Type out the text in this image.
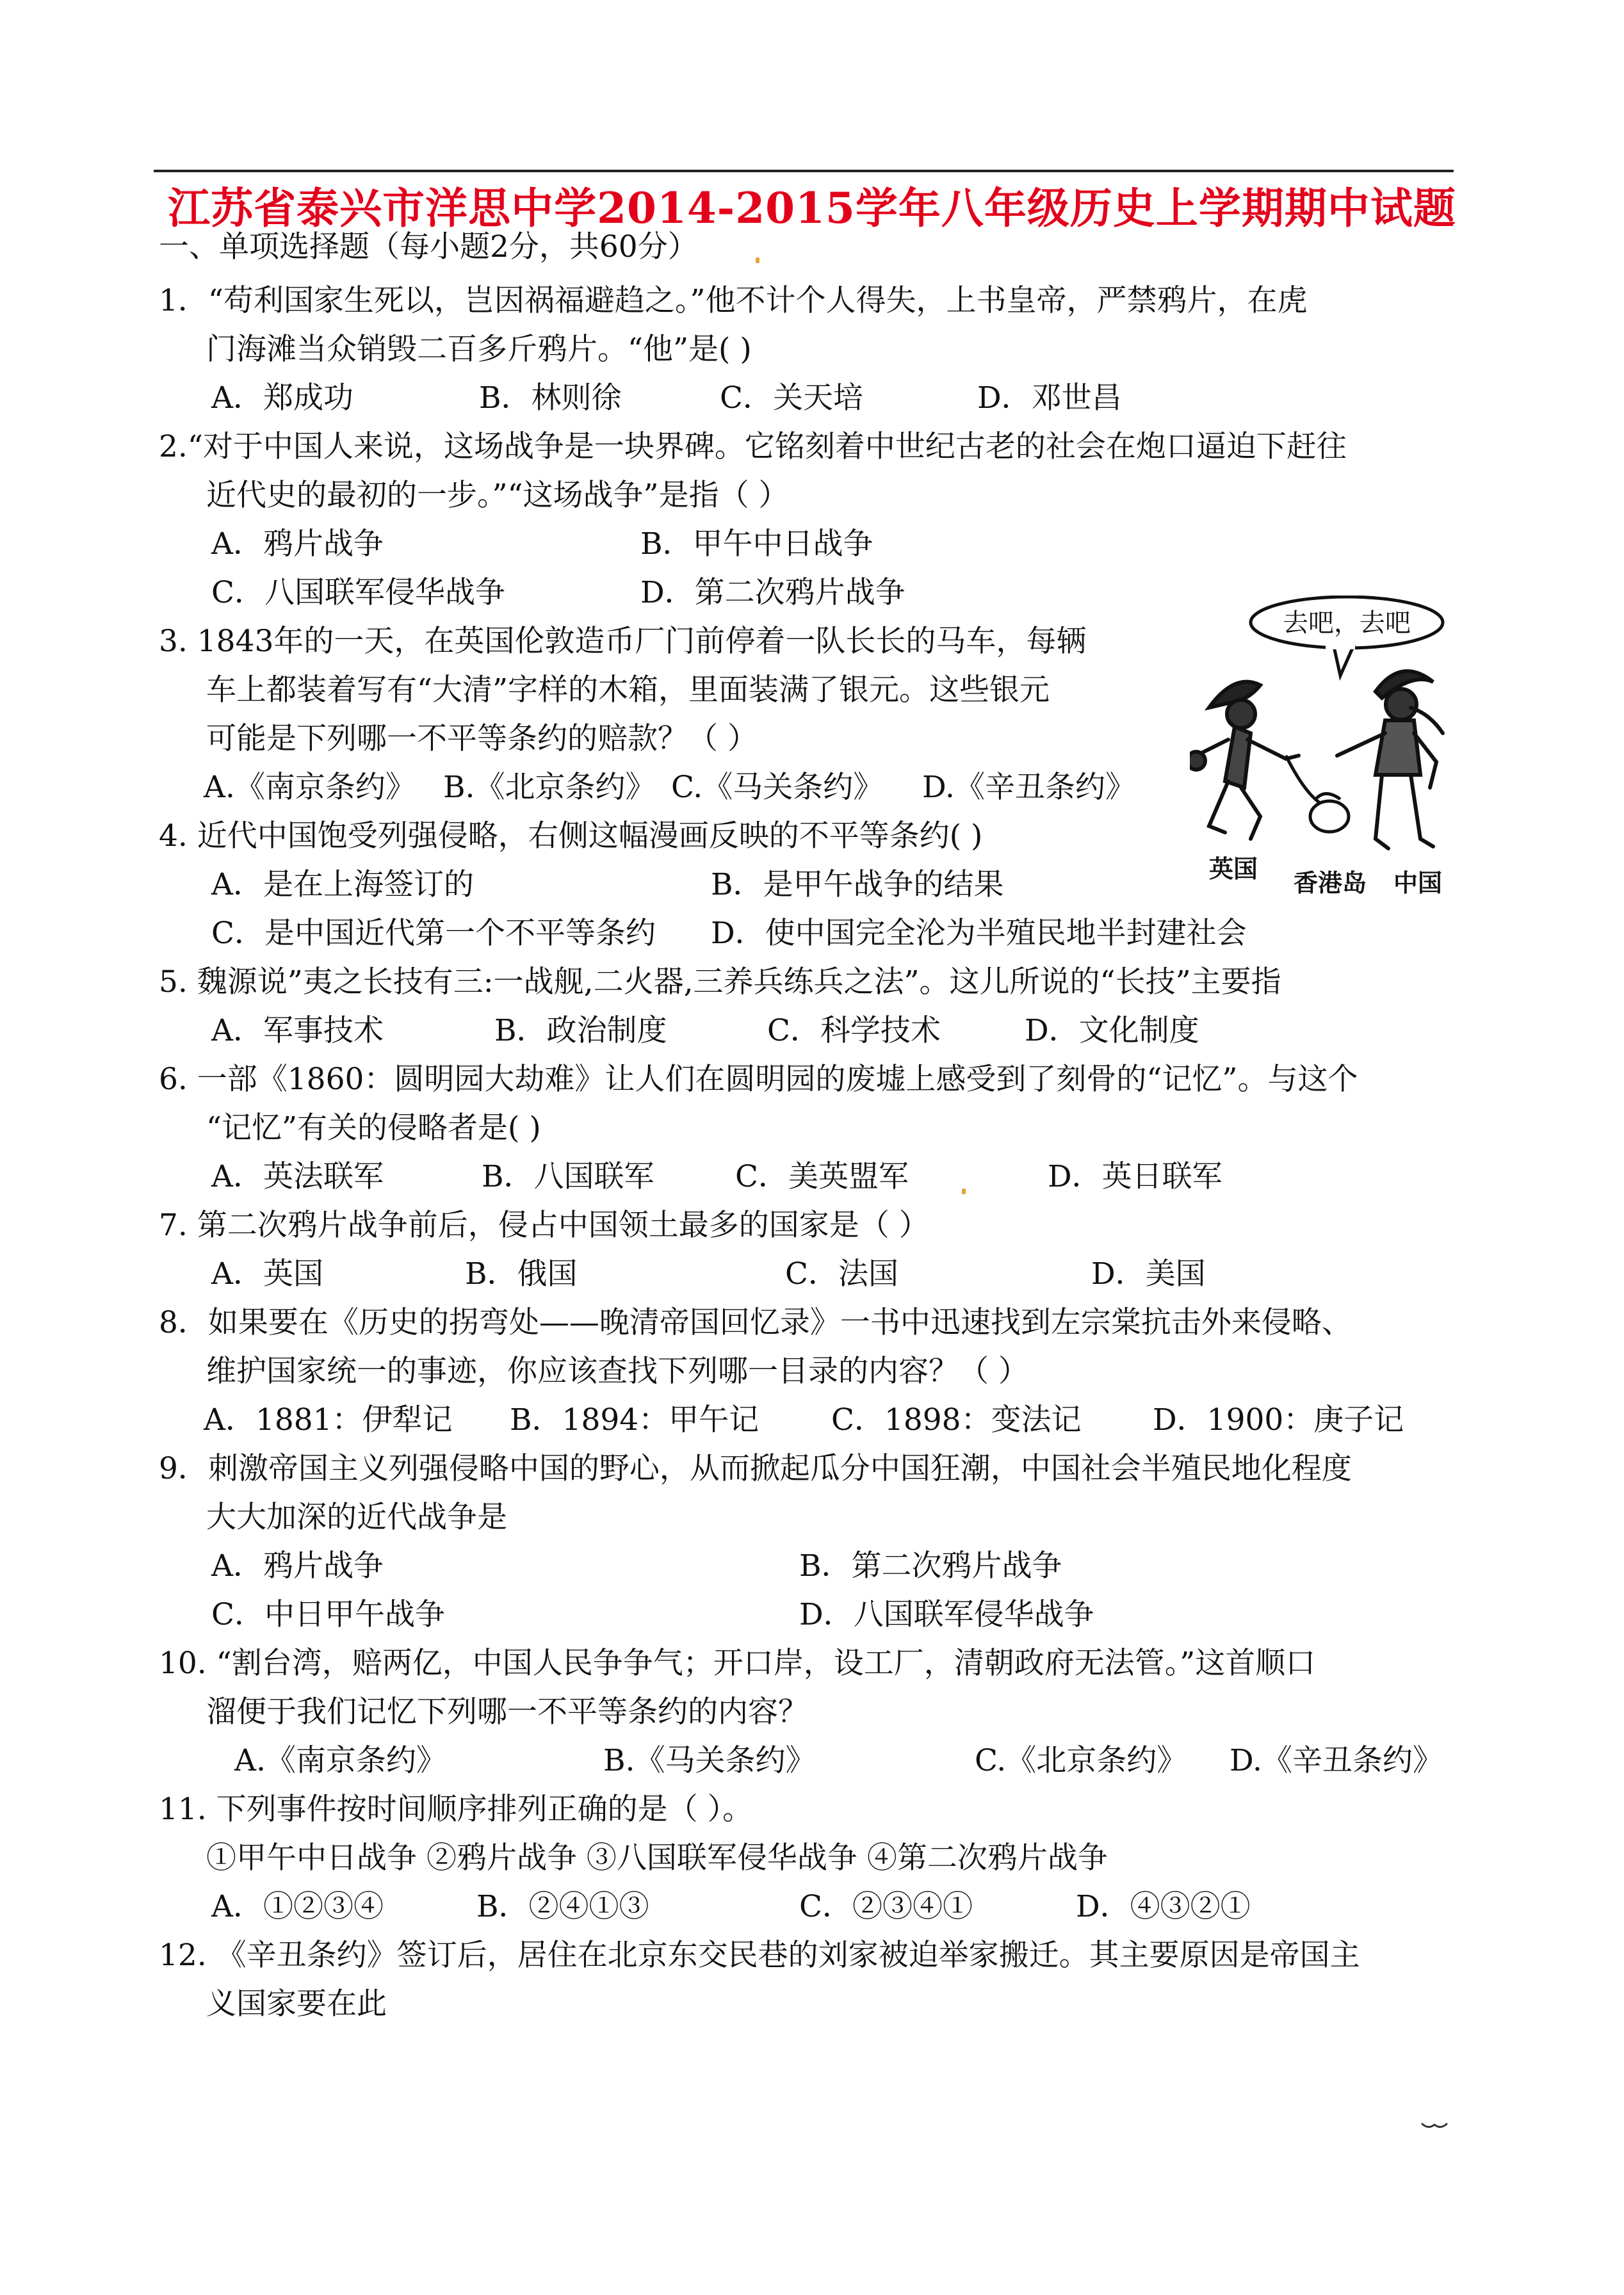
江苏省泰兴市洋思中学2014-2015学年八年级历史上学期期中试题
一、单项选择题（每小题2分，共60分）
1．“苟利国家生死以，岂因祸福避趋之。”他不计个人得失，上书皇帝，严禁鸦片，在虎
门海滩当众销毁二百多斤鸦片。“他”是( )
A．郑成功	B．林则徐	C．关天培	D．邓世昌
2.“对于中国人来说，这场战争是一块界碑。它铭刻着中世纪古老的社会在炮口逼迫下赶往
近代史的最初的一步。”“这场战争”是指（ ）
A．鸦片战争	B．甲午中日战争
C．八国联军侵华战争	D．第二次鸦片战争
3. 1843年的一天，在英国伦敦造币厂门前停着一队长长的马车，每辆
车上都装着写有“大清”字样的木箱，里面装满了银元。这些银元
可能是下列哪一不平等条约的赔款？（ ）
A.《南京条约》 B.《北京条约》 C.《马关条约》 D.《辛丑条约》
去吧，去吧
英国 香港岛 中国
4. 近代中国饱受列强侵略，右侧这幅漫画反映的不平等条约( )
A．是在上海签订的	B．是甲午战争的结果
C．是中国近代第一个不平等条约 D．使中国完全沦为半殖民地半封建社会
5. 魏源说”夷之长技有三:一战舰,二火器,三养兵练兵之法”。这儿所说的“长技”主要指
A．军事技术	B．政治制度	C．科学技术	D．文化制度
6. 一部《1860：圆明园大劫难》让人们在圆明园的废墟上感受到了刻骨的“记忆”。与这个
“记忆”有关的侵略者是( )
A．英法联军	B．八国联军	C．美英盟军	D．英日联军
7. 第二次鸦片战争前后，侵占中国领土最多的国家是（ ）
A．英国	B．俄国	C．法国	D．美国
8．如果要在《历史的拐弯处——晚清帝国回忆录》一书中迅速找到左宗棠抗击外来侵略、
维护国家统一的事迹，你应该查找下列哪一目录的内容？（ ）
A．1881：伊犁记 B．1894：甲午记 C．1898：变法记 D．1900：庚子记
9．刺激帝国主义列强侵略中国的野心，从而掀起瓜分中国狂潮，中国社会半殖民地化程度
大大加深的近代战争是
A．鸦片战争	B．第二次鸦片战争
C．中日甲午战争	D．八国联军侵华战争
10. “割台湾，赔两亿，中国人民争争气；开口岸，设工厂，清朝政府无法管。”这首顺口
溜便于我们记忆下列哪一不平等条约的内容？
A.《南京条约》	B.《马关条约》	C.《北京条约》 D.《辛丑条约》
11. 下列事件按时间顺序排列正确的是（ ）。
①甲午中日战争 ②鸦片战争 ③八国联军侵华战争 ④第二次鸦片战争
A．①②③④	B．②④①③	C．②③④①	D．④③②①
12. 《辛丑条约》签订后，居住在北京东交民巷的刘家被迫举家搬迁。其主要原因是帝国主
义国家要在此
